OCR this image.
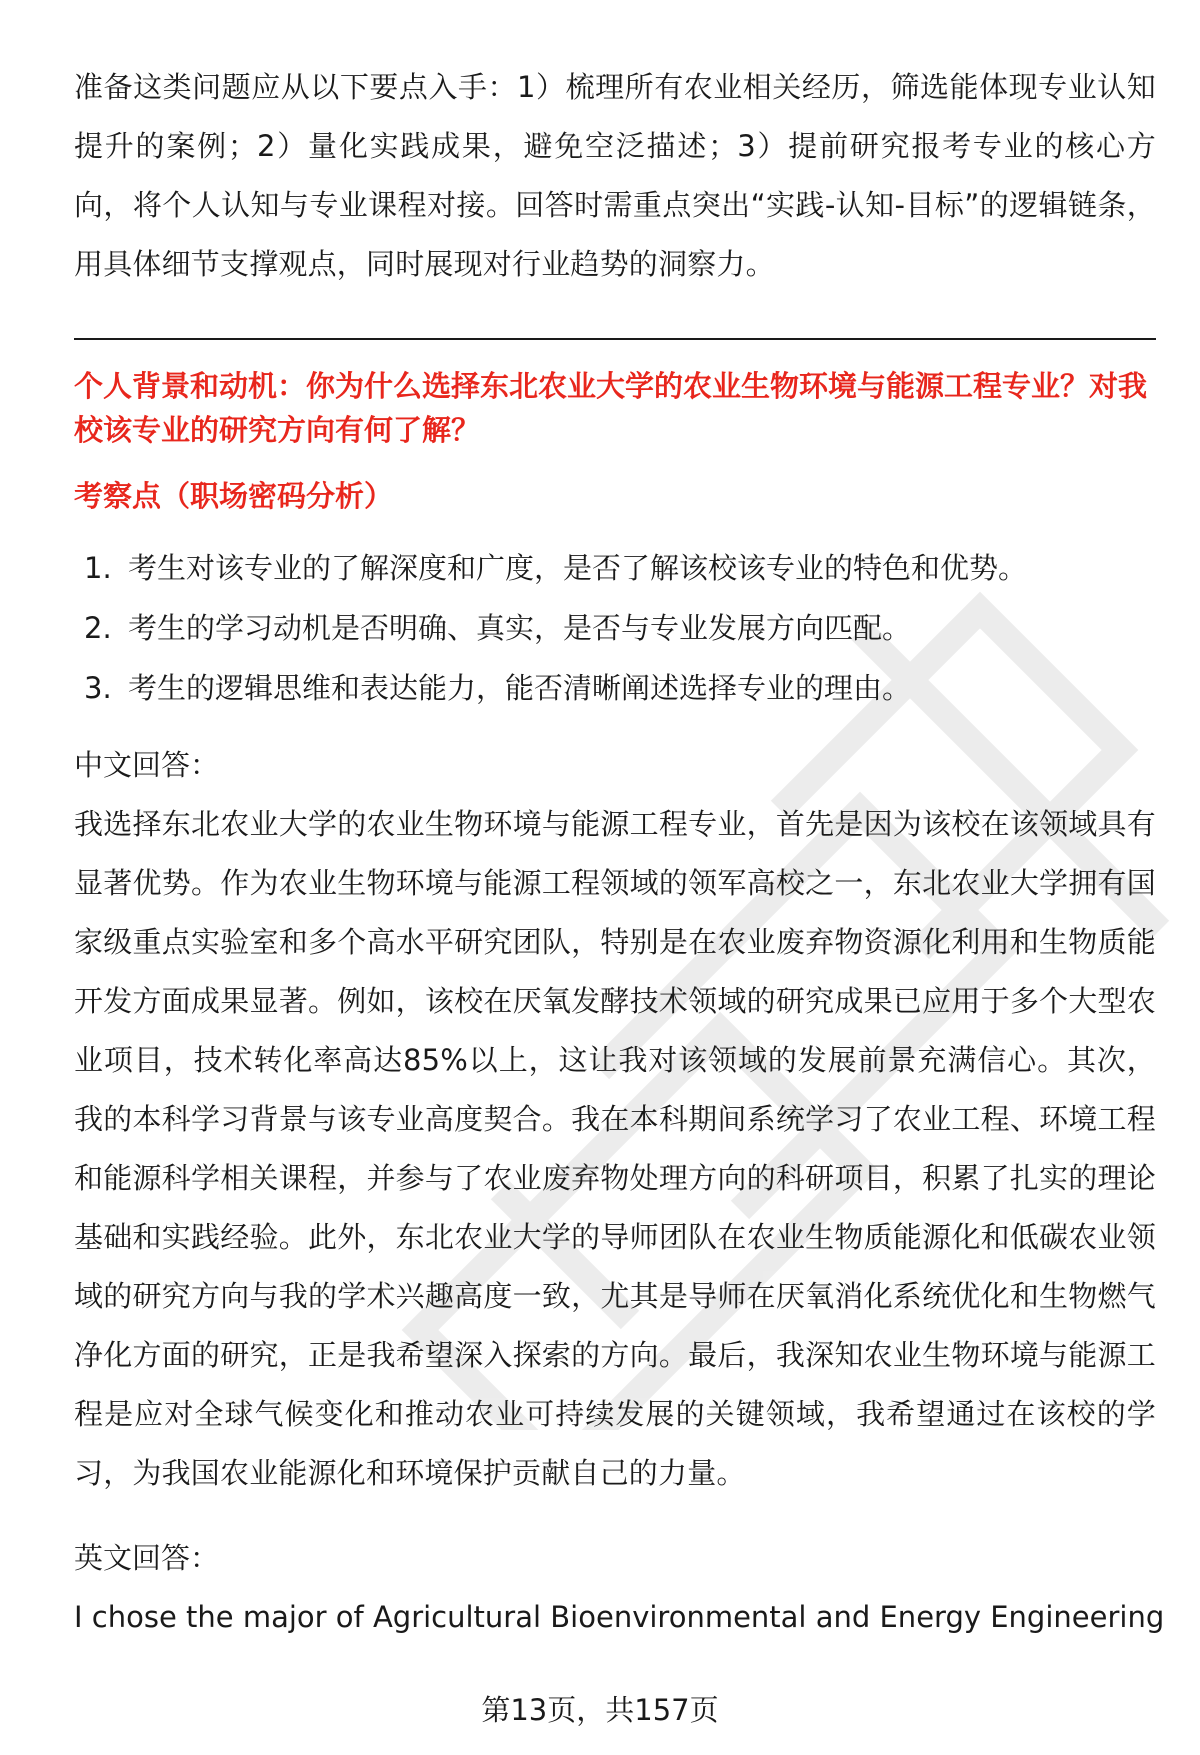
准备这类问题应从以下要点入手：1）梳理所有农业相关经历，筛选能体现专业认知提升的案例；2）量化实践成果，避免空泛描述；3）提前研究报考专业的核心方向，将个人认知与专业课程对接。回答时需重点突出“实践-认知-目标”的逻辑链条，用具体细节支撑观点，同时展现对行业趋势的洞察力。

个人背景和动机：你为什么选择东北农业大学的农业生物环境与能源工程专业？对我校该专业的研究方向有何了解？

考察点（职场密码分析）

1. 考生对该专业的了解深度和广度，是否了解该校该专业的特色和优势。
2. 考生的学习动机是否明确、真实，是否与专业发展方向匹配。
3. 考生的逻辑思维和表达能力，能否清晰阐述选择专业的理由。

中文回答：

我选择东北农业大学的农业生物环境与能源工程专业，首先是因为该校在该领域具有显著优势。作为农业生物环境与能源工程领域的领军高校之一，东北农业大学拥有国家级重点实验室和多个高水平研究团队，特别是在农业废弃物资源化利用和生物质能开发方面成果显著。例如，该校在厌氧发酵技术领域的研究成果已应用于多个大型农业项目，技术转化率高达85%以上，这让我对该领域的发展前景充满信心。其次，我的本科学习背景与该专业高度契合。我在本科期间系统学习了农业工程、环境工程和能源科学相关课程，并参与了农业废弃物处理方向的科研项目，积累了扎实的理论基础和实践经验。此外，东北农业大学的导师团队在农业生物质能源化和低碳农业领域的研究方向与我的学术兴趣高度一致，尤其是导师在厌氧消化系统优化和生物燃气净化方面的研究，正是我希望深入探索的方向。最后，我深知农业生物环境与能源工程是应对全球气候变化和推动农业可持续发展的关键领域，我希望通过在该校的学习，为我国农业能源化和环境保护贡献自己的力量。

英文回答：

I chose the major of Agricultural Bioenvironmental and Energy Engineering

第13页，共157页
